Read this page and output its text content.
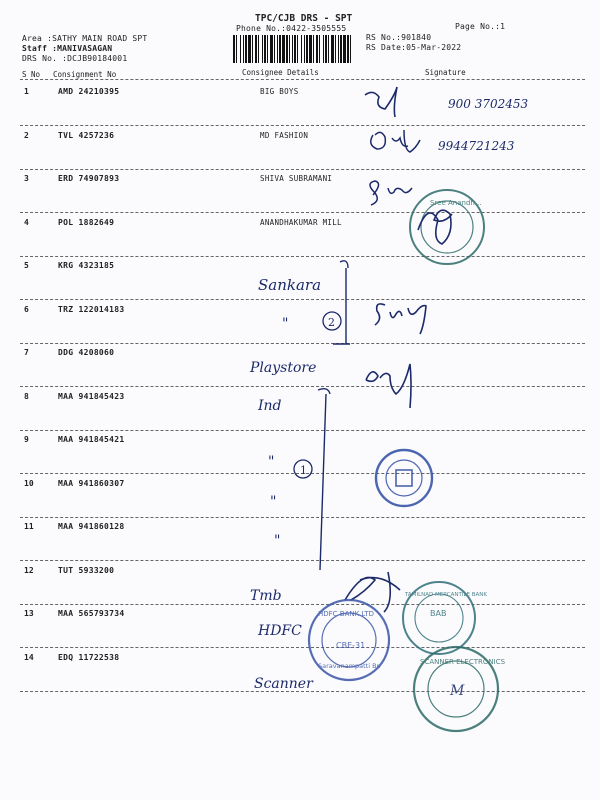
TPC/CJB DRS - SPT
Phone No.:0422-3505555	Page No.:1
Area :SATHY MAIN ROAD SPT
Staff :MANIVASAGAN
DRS No. :DCJB90184001
RS No.:901840
RS Date:05-Mar-2022
S No Consignment No	Consignee Details	Signature
1	AMD 24210395	BIG BOYS
2	TVL 4257236	MD FASHION
3	ERD 74907893	SHIVA SUBRAMANI
4	POL 1882649	ANANDHAKUMAR MILL
5	KRG 4323185
6	TRZ 122014183
7	DDG 4208060
8	MAA 941845423
9	MAA 941845421
10	MAA 941860307
11	MAA 941860128
12	TUT 5933200
13	MAA 565793734
14	EDQ 11722538
900 3702453
9944721243
Sree Anandh...
Sankara
"	2
Playstore
Ind
"
1
"
"
Tmb
HDFC
HDFC BANK LTD
CBE-31
Saravanampatti Br.
BAB
TAMILNAD MERCANTILE BANK
Scanner
SCANNER ELECTRONICS
M
